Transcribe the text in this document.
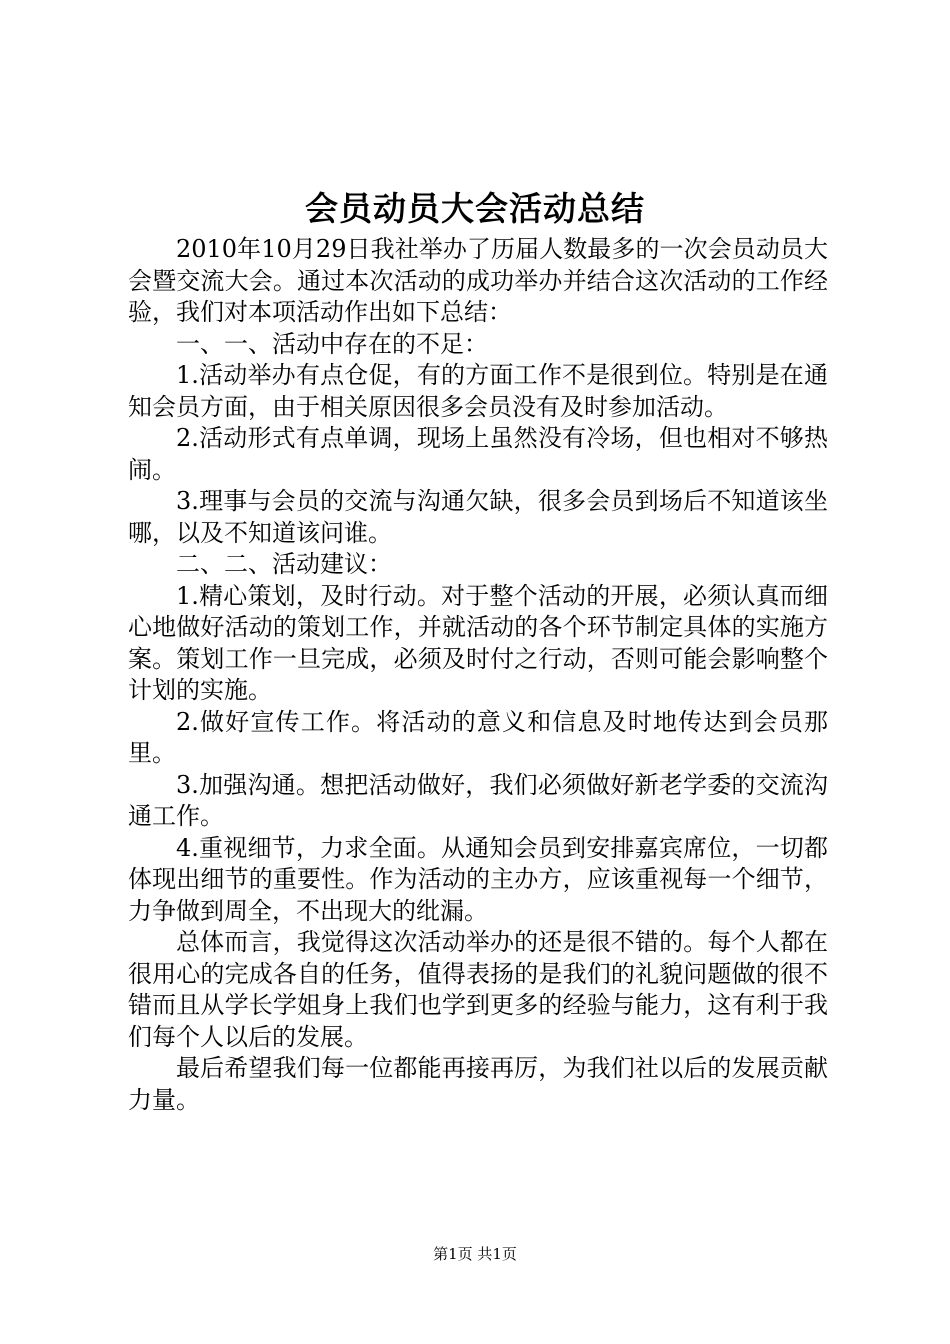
会员动员大会活动总结

2010年10月29日我社举办了历届人数最多的一次会员动员大会暨交流大会。通过本次活动的成功举办并结合这次活动的工作经验，我们对本项活动作出如下总结：

一、一、活动中存在的不足：

1.活动举办有点仓促，有的方面工作不是很到位。特别是在通知会员方面，由于相关原因很多会员没有及时参加活动。

2.活动形式有点单调，现场上虽然没有冷场，但也相对不够热闹。

3.理事与会员的交流与沟通欠缺，很多会员到场后不知道该坐哪，以及不知道该问谁。

二、二、活动建议：

1.精心策划，及时行动。对于整个活动的开展，必须认真而细心地做好活动的策划工作，并就活动的各个环节制定具体的实施方案。策划工作一旦完成，必须及时付之行动，否则可能会影响整个计划的实施。

2.做好宣传工作。将活动的意义和信息及时地传达到会员那里。

3.加强沟通。想把活动做好，我们必须做好新老学委的交流沟通工作。

4.重视细节，力求全面。从通知会员到安排嘉宾席位，一切都体现出细节的重要性。作为活动的主办方，应该重视每一个细节，力争做到周全，不出现大的纰漏。

总体而言，我觉得这次活动举办的还是很不错的。每个人都在很用心的完成各自的任务，值得表扬的是我们的礼貌问题做的很不错而且从学长学姐身上我们也学到更多的经验与能力，这有利于我们每个人以后的发展。

最后希望我们每一位都能再接再厉，为我们社以后的发展贡献力量。

第1页 共1页
